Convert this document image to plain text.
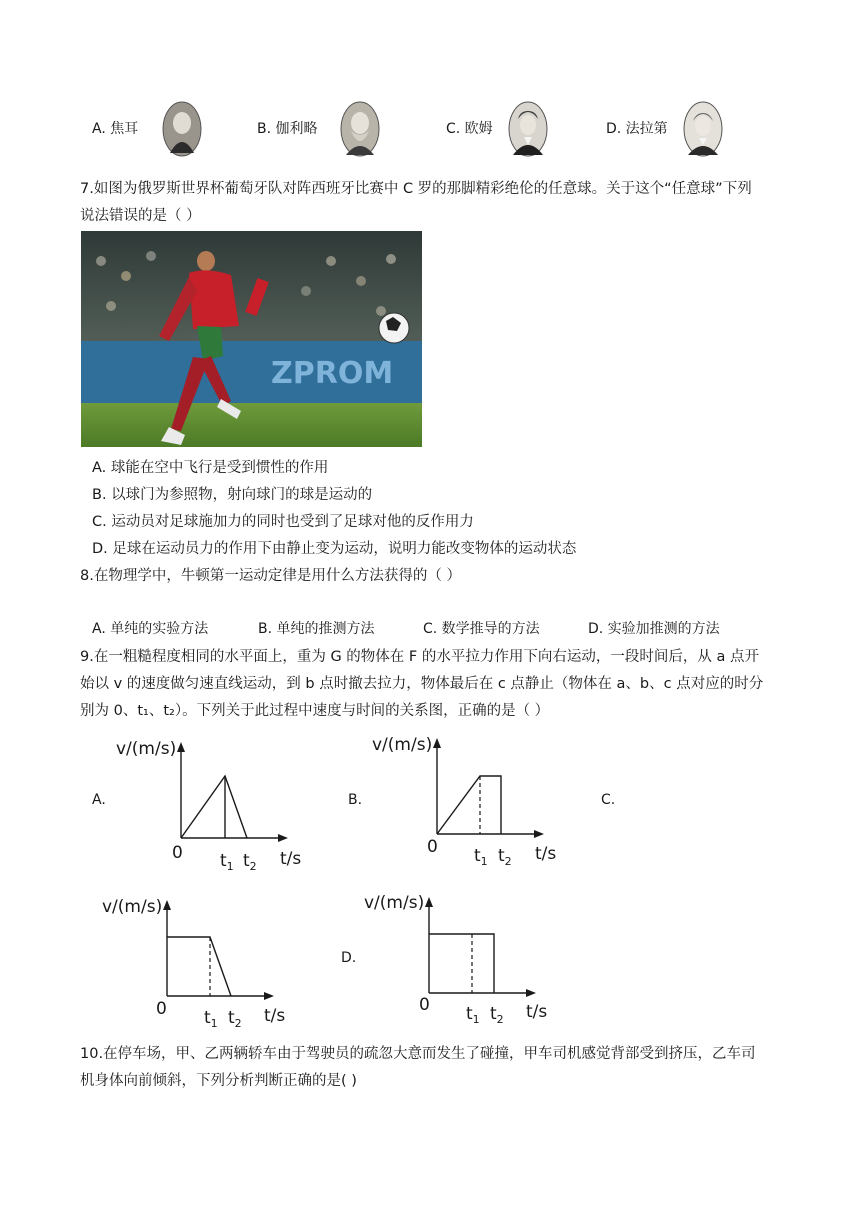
A. 焦耳	B. 伽利略	C. 欧姆	D. 法拉第
7.如图为俄罗斯世界杯葡萄牙队对阵西班牙比赛中 C 罗的那脚精彩绝伦的任意球。关于这个“任意球”下列
说法错误的是（ ）
ZPROM
A. 球能在空中飞行是受到惯性的作用
B. 以球门为参照物，射向球门的球是运动的
C. 运动员对足球施加力的同时也受到了足球对他的反作用力
D. 足球在运动员力的作用下由静止变为运动，说明力能改变物体的运动状态
8.在物理学中，牛顿第一运动定律是用什么方法获得的（ ）
A. 单纯的实验方法	B. 单纯的推测方法	C. 数学推导的方法	D. 实验加推测的方法
9.在一粗糙程度相同的水平面上，重为 G 的物体在 F 的水平拉力作用下向右运动，一段时间后，从 a 点开
始以 v 的速度做匀速直线运动，到 b 点时撤去拉力，物体最后在 c 点静止（物体在 a、b、c 点对应的时分
别为 0、t₁、t₂）。下列关于此过程中速度与时间的关系图，正确的是（ ）
A.
v/(m/s)
0 $t_1$ $t_2$ t/s
B.
v/(m/s)
0 $t_1$ $t_2$ t/s
C.
v/(m/s)
0 $t_1$ $t_2$ t/s
D.
v/(m/s)
0 $t_1$ $t_2$ t/s
10.在停车场，甲、乙两辆轿车由于驾驶员的疏忽大意而发生了碰撞，甲车司机感觉背部受到挤压，乙车司
机身体向前倾斜，下列分析判断正确的是( )
